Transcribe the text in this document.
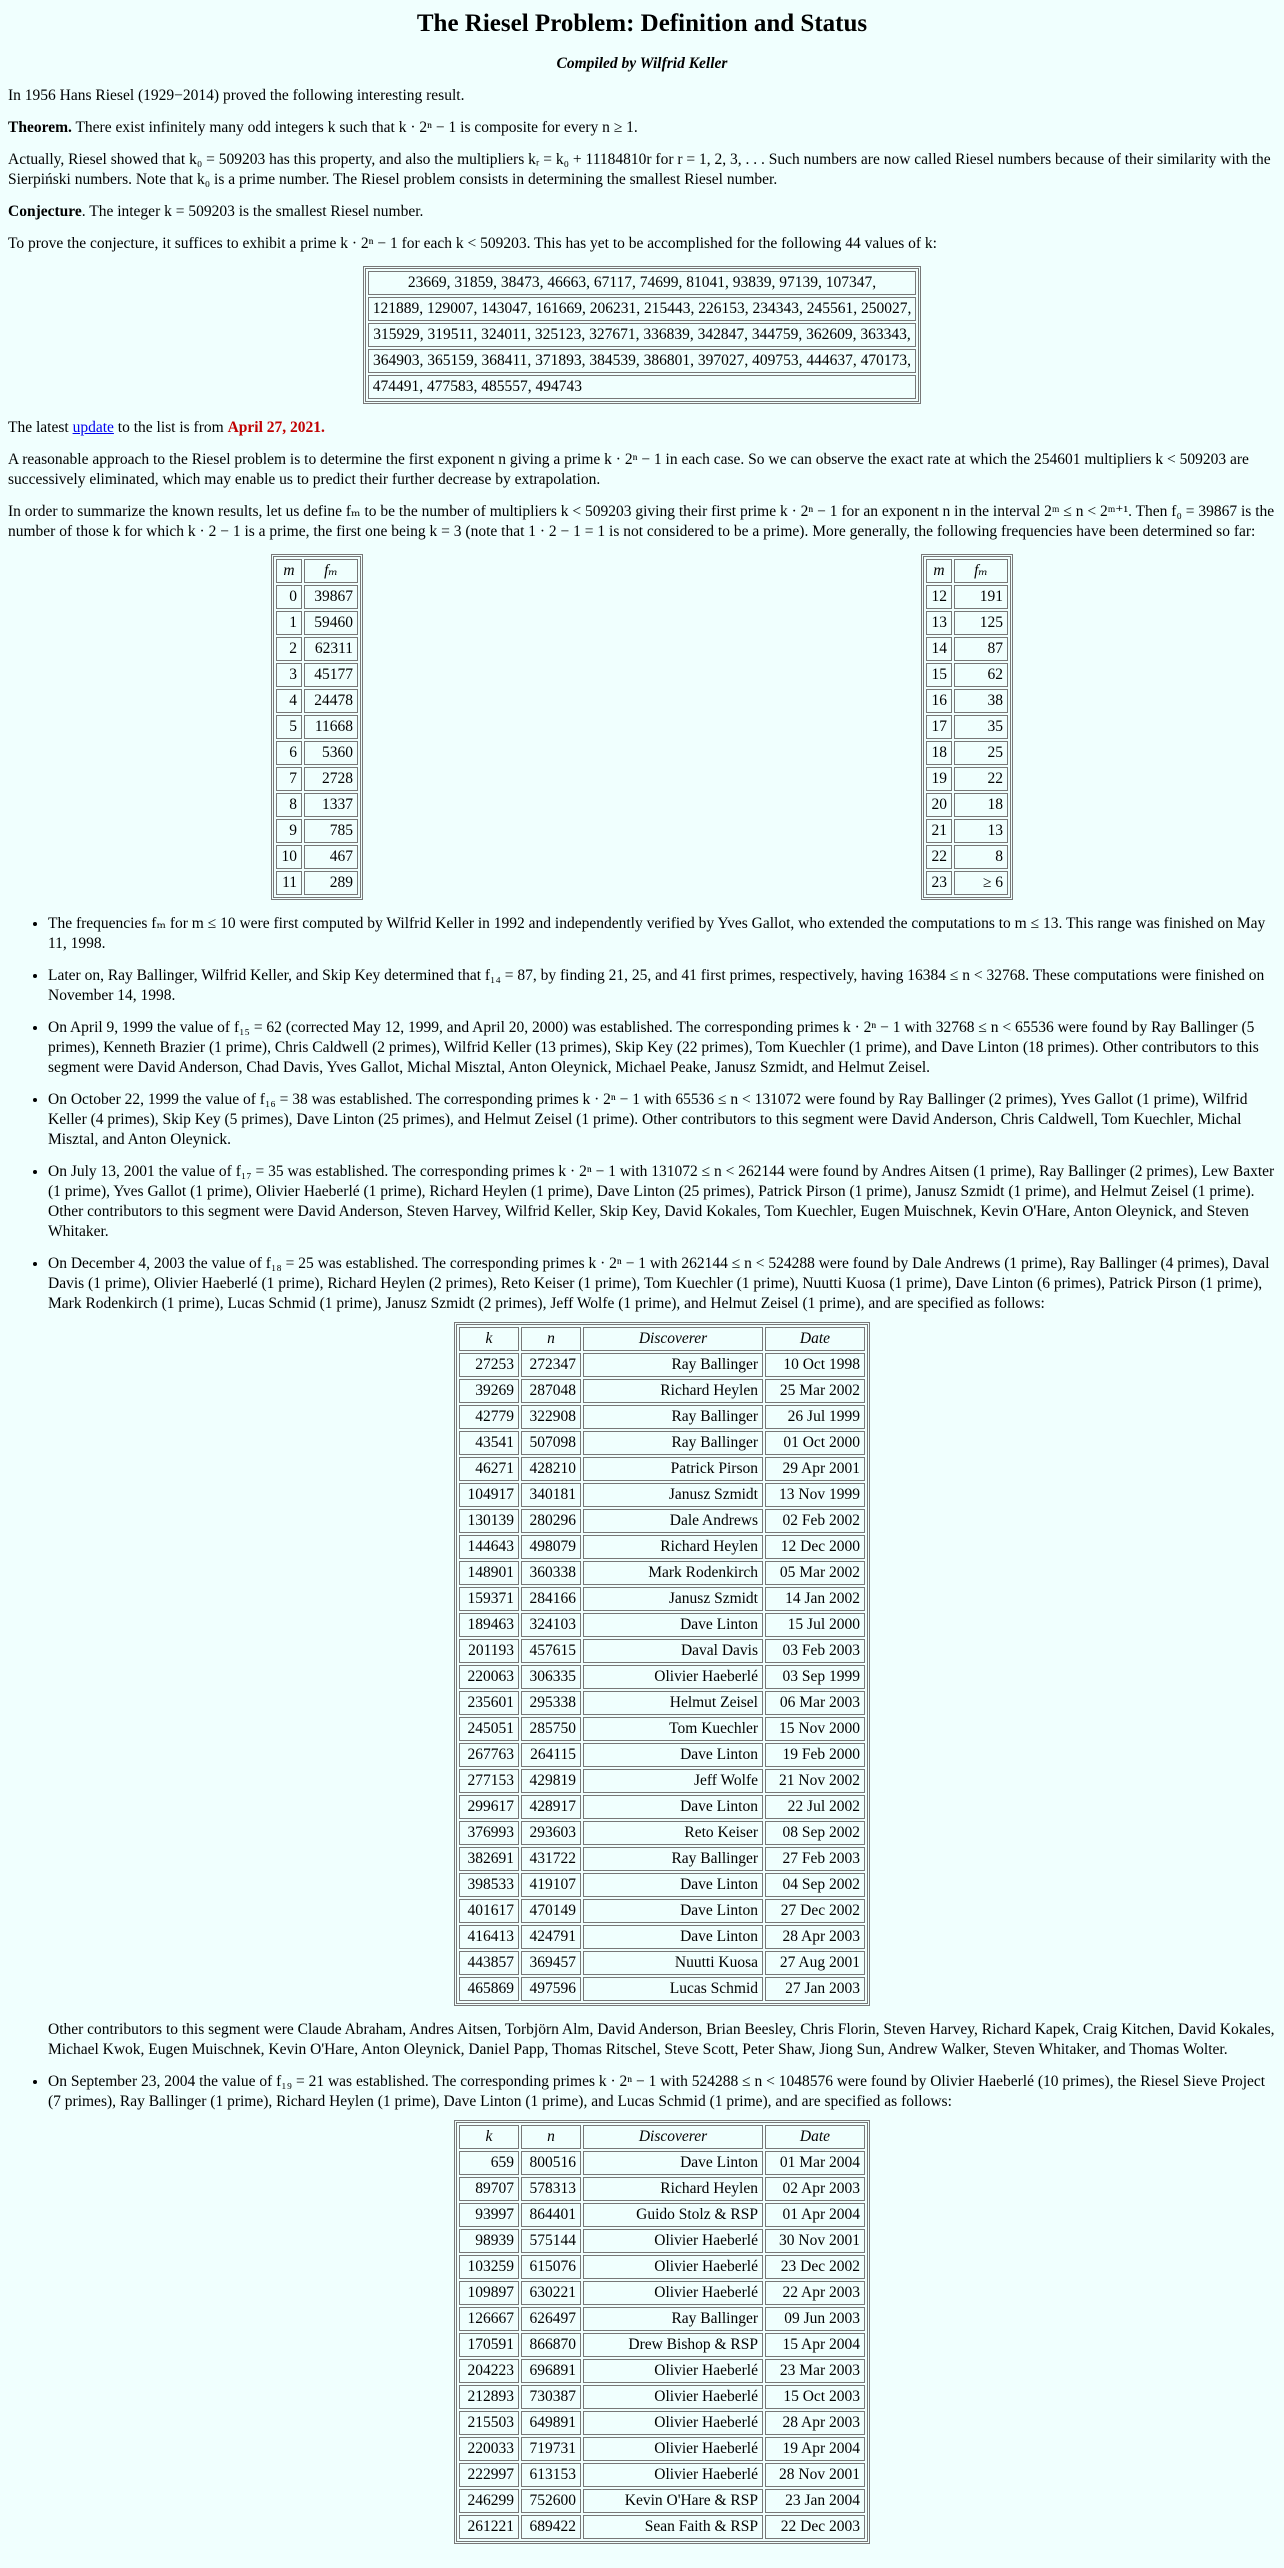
The Riesel Problem: Definition and Status

Compiled by Wilfrid Keller

In 1956 Hans Riesel (1929−2014) proved the following interesting result.

Theorem. There exist infinitely many odd integers k such that k · 2ⁿ − 1 is composite for every n ≥ 1.

Actually, Riesel showed that k₀ = 509203 has this property, and also the multipliers kᵣ = k₀ + 11184810r for r = 1, 2, 3, . . . Such numbers are now called Riesel numbers because of their similarity with the Sierpiński numbers. Note that k₀ is a prime number. The Riesel problem consists in determining the smallest Riesel number.

Conjecture. The integer k = 509203 is the smallest Riesel number.

To prove the conjecture, it suffices to exhibit a prime k · 2ⁿ − 1 for each k < 509203. This has yet to be accomplished for the following 44 values of k:

23669, 31859, 38473, 46663, 67117, 74699, 81041, 93839, 97139, 107347,
121889, 129007, 143047, 161669, 206231, 215443, 226153, 234343, 245561, 250027,
315929, 319511, 324011, 325123, 327671, 336839, 342847, 344759, 362609, 363343,
364903, 365159, 368411, 371893, 384539, 386801, 397027, 409753, 444637, 470173,
474491, 477583, 485557, 494743

The latest update to the list is from April 27, 2021.

A reasonable approach to the Riesel problem is to determine the first exponent n giving a prime k · 2ⁿ − 1 in each case. So we can observe the exact rate at which the 254601 multipliers k < 509203 are successively eliminated, which may enable us to predict their further decrease by extrapolation.

In order to summarize the known results, let us define fₘ to be the number of multipliers k < 509203 giving their first prime k · 2ⁿ − 1 for an exponent n in the interval 2ᵐ ≤ n < 2ᵐ⁺¹. Then f₀ = 39867 is the number of those k for which k · 2 − 1 is a prime, the first one being k = 3 (note that 1 · 2 − 1 = 1 is not considered to be a prime). More generally, the following frequencies have been determined so far:

m	fₘ
0	39867
1	59460
2	62311
3	45177
4	24478
5	11668
6	5360
7	2728
8	1337
9	785
10	467
11	289
m	fₘ
12	191
13	125
14	87
15	62
16	38
17	35
18	25
19	22
20	18
21	13
22	8
23	≥ 6

• The frequencies fₘ for m ≤ 10 were first computed by Wilfrid Keller in 1992 and independently verified by Yves Gallot, who extended the computations to m ≤ 13. This range was finished on May 11, 1998.

• Later on, Ray Ballinger, Wilfrid Keller, and Skip Key determined that f₁₄ = 87, by finding 21, 25, and 41 first primes, respectively, having 16384 ≤ n < 32768. These computations were finished on November 14, 1998.

• On April 9, 1999 the value of f₁₅ = 62 (corrected May 12, 1999, and April 20, 2000) was established. The corresponding primes k · 2ⁿ − 1 with 32768 ≤ n < 65536 were found by Ray Ballinger (5 primes), Kenneth Brazier (1 prime), Chris Caldwell (2 primes), Wilfrid Keller (13 primes), Skip Key (22 primes), Tom Kuechler (1 prime), and Dave Linton (18 primes). Other contributors to this segment were David Anderson, Chad Davis, Yves Gallot, Michal Misztal, Anton Oleynick, Michael Peake, Janusz Szmidt, and Helmut Zeisel.

• On October 22, 1999 the value of f₁₆ = 38 was established. The corresponding primes k · 2ⁿ − 1 with 65536 ≤ n < 131072 were found by Ray Ballinger (2 primes), Yves Gallot (1 prime), Wilfrid Keller (4 primes), Skip Key (5 primes), Dave Linton (25 primes), and Helmut Zeisel (1 prime). Other contributors to this segment were David Anderson, Chris Caldwell, Tom Kuechler, Michal Misztal, and Anton Oleynick.

• On July 13, 2001 the value of f₁₇ = 35 was established. The corresponding primes k · 2ⁿ − 1 with 131072 ≤ n < 262144 were found by Andres Aitsen (1 prime), Ray Ballinger (2 primes), Lew Baxter (1 prime), Yves Gallot (1 prime), Olivier Haeberlé (1 prime), Richard Heylen (1 prime), Dave Linton (25 primes), Patrick Pirson (1 prime), Janusz Szmidt (1 prime), and Helmut Zeisel (1 prime). Other contributors to this segment were David Anderson, Steven Harvey, Wilfrid Keller, Skip Key, David Kokales, Tom Kuechler, Eugen Muischnek, Kevin O'Hare, Anton Oleynick, and Steven Whitaker.

• On December 4, 2003 the value of f₁₈ = 25 was established. The corresponding primes k · 2ⁿ − 1 with 262144 ≤ n < 524288 were found by Dale Andrews (1 prime), Ray Ballinger (4 primes), Daval Davis (1 prime), Olivier Haeberlé (1 prime), Richard Heylen (2 primes), Reto Keiser (1 prime), Tom Kuechler (1 prime), Nuutti Kuosa (1 prime), Dave Linton (6 primes), Patrick Pirson (1 prime), Mark Rodenkirch (1 prime), Lucas Schmid (1 prime), Janusz Szmidt (2 primes), Jeff Wolfe (1 prime), and Helmut Zeisel (1 prime), and are specified as follows:

k	n	Discoverer	Date
27253	272347	Ray Ballinger	10 Oct 1998
39269	287048	Richard Heylen	25 Mar 2002
42779	322908	Ray Ballinger	26 Jul 1999
43541	507098	Ray Ballinger	01 Oct 2000
46271	428210	Patrick Pirson	29 Apr 2001
104917	340181	Janusz Szmidt	13 Nov 1999
130139	280296	Dale Andrews	02 Feb 2002
144643	498079	Richard Heylen	12 Dec 2000
148901	360338	Mark Rodenkirch	05 Mar 2002
159371	284166	Janusz Szmidt	14 Jan 2002
189463	324103	Dave Linton	15 Jul 2000
201193	457615	Daval Davis	03 Feb 2003
220063	306335	Olivier Haeberlé	03 Sep 1999
235601	295338	Helmut Zeisel	06 Mar 2003
245051	285750	Tom Kuechler	15 Nov 2000
267763	264115	Dave Linton	19 Feb 2000
277153	429819	Jeff Wolfe	21 Nov 2002
299617	428917	Dave Linton	22 Jul 2002
376993	293603	Reto Keiser	08 Sep 2002
382691	431722	Ray Ballinger	27 Feb 2003
398533	419107	Dave Linton	04 Sep 2002
401617	470149	Dave Linton	27 Dec 2002
416413	424791	Dave Linton	28 Apr 2003
443857	369457	Nuutti Kuosa	27 Aug 2001
465869	497596	Lucas Schmid	27 Jan 2003

Other contributors to this segment were Claude Abraham, Andres Aitsen, Torbjörn Alm, David Anderson, Brian Beesley, Chris Florin, Steven Harvey, Richard Kapek, Craig Kitchen, David Kokales, Michael Kwok, Eugen Muischnek, Kevin O'Hare, Anton Oleynick, Daniel Papp, Thomas Ritschel, Steve Scott, Peter Shaw, Jiong Sun, Andrew Walker, Steven Whitaker, and Thomas Wolter.

• On September 23, 2004 the value of f₁₉ = 21 was established. The corresponding primes k · 2ⁿ − 1 with 524288 ≤ n < 1048576 were found by Olivier Haeberlé (10 primes), the Riesel Sieve Project (7 primes), Ray Ballinger (1 prime), Richard Heylen (1 prime), Dave Linton (1 prime), and Lucas Schmid (1 prime), and are specified as follows:

k	n	Discoverer	Date
659	800516	Dave Linton	01 Mar 2004
89707	578313	Richard Heylen	02 Apr 2003
93997	864401	Guido Stolz & RSP	01 Apr 2004
98939	575144	Olivier Haeberlé	30 Nov 2001
103259	615076	Olivier Haeberlé	23 Dec 2002
109897	630221	Olivier Haeberlé	22 Apr 2003
126667	626497	Ray Ballinger	09 Jun 2003
170591	866870	Drew Bishop & RSP	15 Apr 2004
204223	696891	Olivier Haeberlé	23 Mar 2003
212893	730387	Olivier Haeberlé	15 Oct 2003
215503	649891	Olivier Haeberlé	28 Apr 2003
220033	719731	Olivier Haeberlé	19 Apr 2004
222997	613153	Olivier Haeberlé	28 Nov 2001
246299	752600	Kevin O'Hare & RSP	23 Jan 2004
261221	689422	Sean Faith & RSP	22 Dec 2003
